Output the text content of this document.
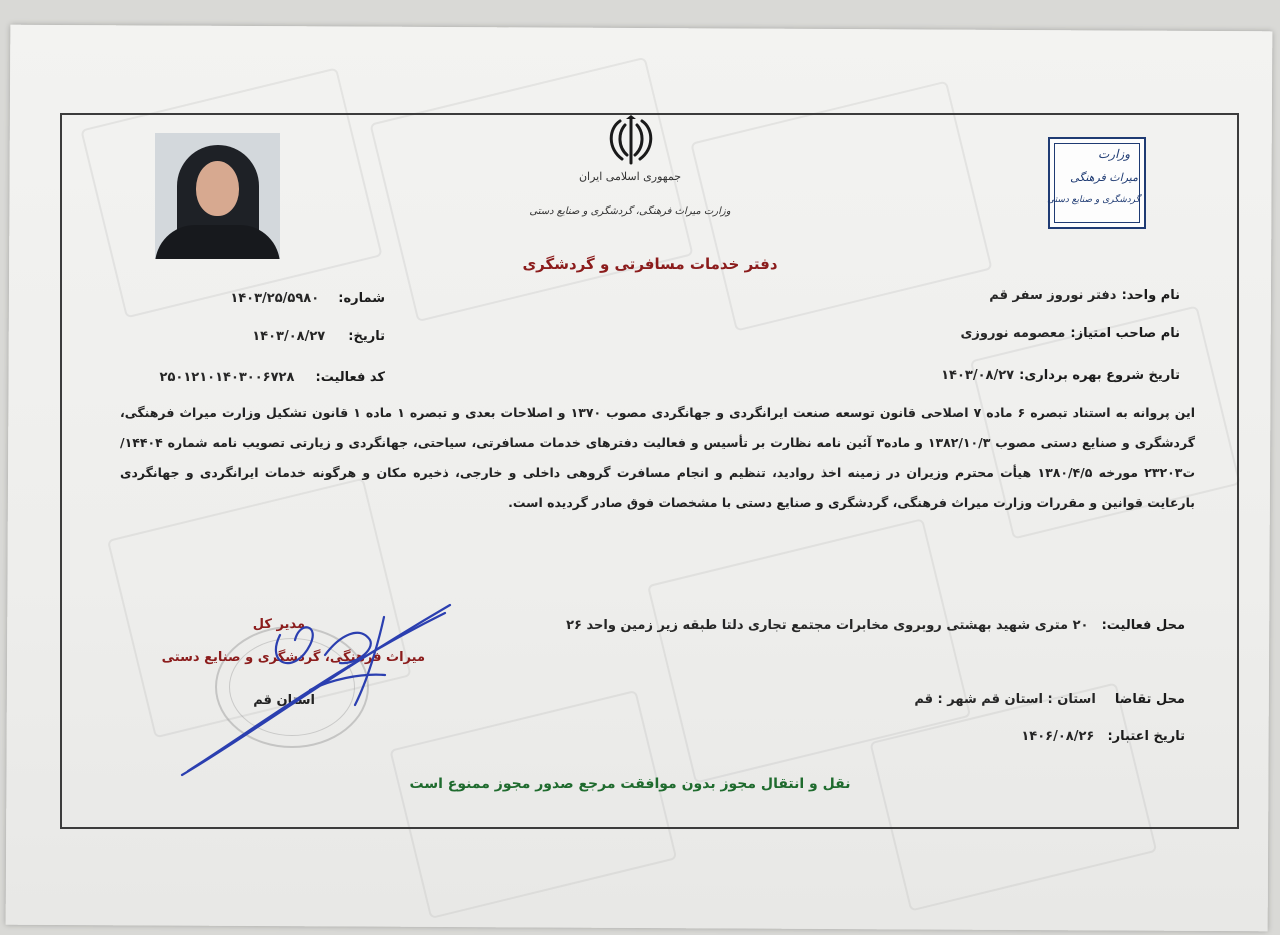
جمهوری اسلامی ایران
وزارت میراث فرهنگی، گردشگری و صنایع دستی
وزارت
میراث فرهنگی
گردشگری و صنایع دستی
دفتر خدمات مسافرتی و گردشگری
نام واحد: دفتر نوروز سفر قم
نام صاحب امتیاز: معصومه نوروزی
تاریخ شروع بهره برداری: ۱۴۰۳/۰۸/۲۷
شماره: ۱۴۰۳/۲۵/۵۹۸۰
تاریخ: ۱۴۰۳/۰۸/۲۷
کد فعالیت: ۲۵۰۱۲۱۰۱۴۰۳۰۰۶۷۲۸
این پروانه به استناد تبصره ۶ ماده ۷ اصلاحی قانون توسعه صنعت ایرانگردی و جهانگردی مصوب ۱۳۷۰ و اصلاحات بعدی و تبصره ۱ ماده ۱ قانون تشکیل وزارت میراث فرهنگی، گردشگری و صنایع دستی مصوب ۱۳۸۲/۱۰/۳ و ماده۳ آئین نامه نظارت بر تأسیس و فعالیت دفترهای خدمات مسافرتی، سیاحتی، جهانگردی و زیارتی تصویب نامه شماره ۱۴۴۰۴/ت۲۳۲۰۳ مورخه ۱۳۸۰/۴/۵ هیأت محترم وزیران در زمینه اخذ روادید، تنظیم و انجام مسافرت گروهی داخلی و خارجی، ذخیره مکان و هرگونه خدمات ایرانگردی و جهانگردی بارعایت قوانین و مقررات وزارت میراث فرهنگی، گردشگری و صنایع دستی با مشخصات فوق صادر گردیده است.
محل فعالیت: ۲۰ متری شهید بهشتی روبروی مخابرات مجتمع تجاری دلتا طبقه زیر زمین واحد ۲۶
محل تقاضا استان : استان قم شهر : قم
تاریخ اعتبار: ۱۴۰۶/۰۸/۲۶
مدیر کل
میراث فرهنگی، گردشگری و صنایع دستی
استان قم
نقل و انتقال مجوز بدون موافقت مرجع صدور مجوز ممنوع است
